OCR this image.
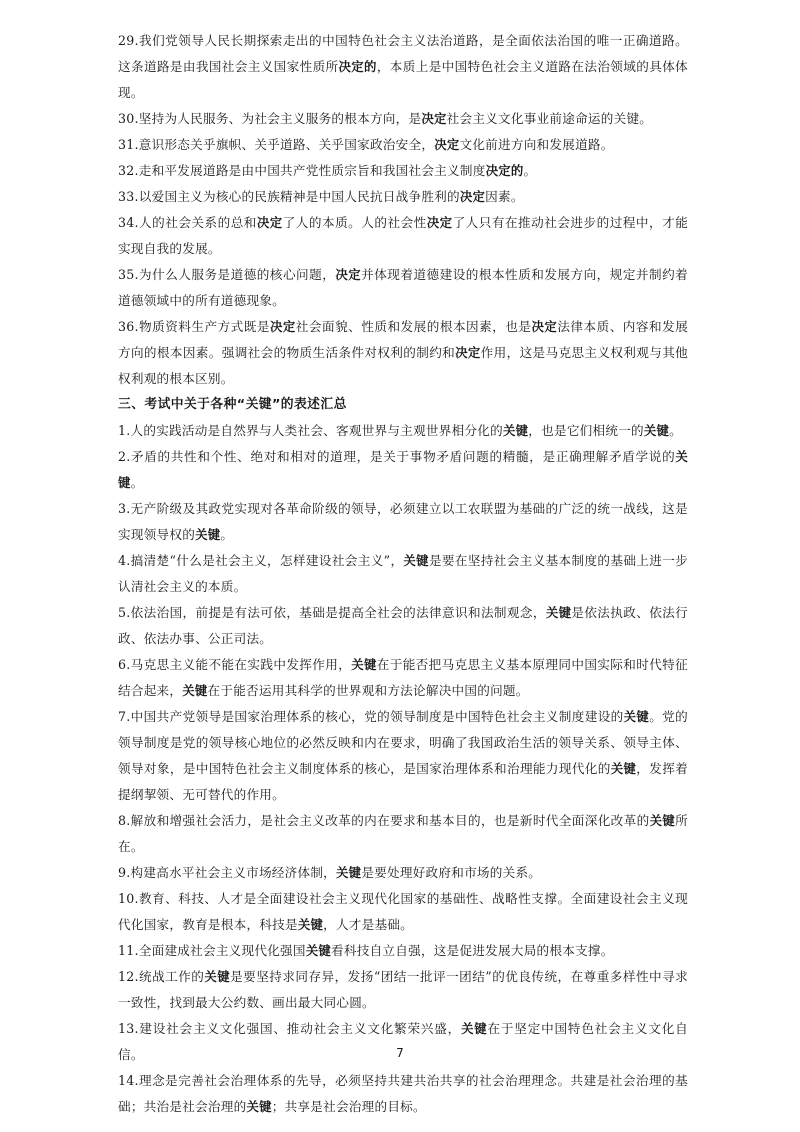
29.我们党领导人民长期探索走出的中国特色社会主义法治道路，是全面依法治国的唯一正确道路。这条道路是由我国社会主义国家性质所决定的，本质上是中国特色社会主义道路在法治领域的具体体现。

30.坚持为人民服务、为社会主义服务的根本方向，是决定社会主义文化事业前途命运的关键。

31.意识形态关乎旗帜、关乎道路、关乎国家政治安全，决定文化前进方向和发展道路。

32.走和平发展道路是由中国共产党性质宗旨和我国社会主义制度决定的。

33.以爱国主义为核心的民族精神是中国人民抗日战争胜利的决定因素。

34.人的社会关系的总和决定了人的本质。人的社会性决定了人只有在推动社会进步的过程中，才能实现自我的发展。

35.为什么人服务是道德的核心问题，决定并体现着道德建设的根本性质和发展方向，规定并制约着道德领域中的所有道德现象。

36.物质资料生产方式既是决定社会面貌、性质和发展的根本因素，也是决定法律本质、内容和发展方向的根本因素。强调社会的物质生活条件对权利的制约和决定作用，这是马克思主义权利观与其他权利观的根本区别。

三、考试中关于各种“关键”的表述汇总

1.人的实践活动是自然界与人类社会、客观世界与主观世界相分化的关键，也是它们相统一的关键。

2.矛盾的共性和个性、绝对和相对的道理，是关于事物矛盾问题的精髓，是正确理解矛盾学说的关键。

3.无产阶级及其政党实现对各革命阶级的领导，必须建立以工农联盟为基础的广泛的统一战线，这是实现领导权的关键。

4.搞清楚“什么是社会主义，怎样建设社会主义”，关键是要在坚持社会主义基本制度的基础上进一步认清社会主义的本质。

5.依法治国，前提是有法可依，基础是提高全社会的法律意识和法制观念，关键是依法执政、依法行政、依法办事、公正司法。

6.马克思主义能不能在实践中发挥作用，关键在于能否把马克思主义基本原理同中国实际和时代特征结合起来，关键在于能否运用其科学的世界观和方法论解决中国的问题。

7.中国共产党领导是国家治理体系的核心，党的领导制度是中国特色社会主义制度建设的关键。党的领导制度是党的领导核心地位的必然反映和内在要求，明确了我国政治生活的领导关系、领导主体、领导对象，是中国特色社会主义制度体系的核心，是国家治理体系和治理能力现代化的关键，发挥着提纲挈领、无可替代的作用。

8.解放和增强社会活力，是社会主义改革的内在要求和基本目的，也是新时代全面深化改革的关键所在。

9.构建高水平社会主义市场经济体制，关键是要处理好政府和市场的关系。

10.教育、科技、人才是全面建设社会主义现代化国家的基础性、战略性支撑。全面建设社会主义现代化国家，教育是根本，科技是关键，人才是基础。

11.全面建成社会主义现代化强国关键看科技自立自强，这是促进发展大局的根本支撑。

12.统战工作的关键是要坚持求同存异，发扬“团结一批评一团结”的优良传统，在尊重多样性中寻求一致性，找到最大公约数、画出最大同心圆。

13.建设社会主义文化强国、推动社会主义文化繁荣兴盛，关键在于坚定中国特色社会主义文化自信。

14.理念是完善社会治理体系的先导，必须坚持共建共治共享的社会治理理念。共建是社会治理的基础；共治是社会治理的关键；共享是社会治理的目标。

7
